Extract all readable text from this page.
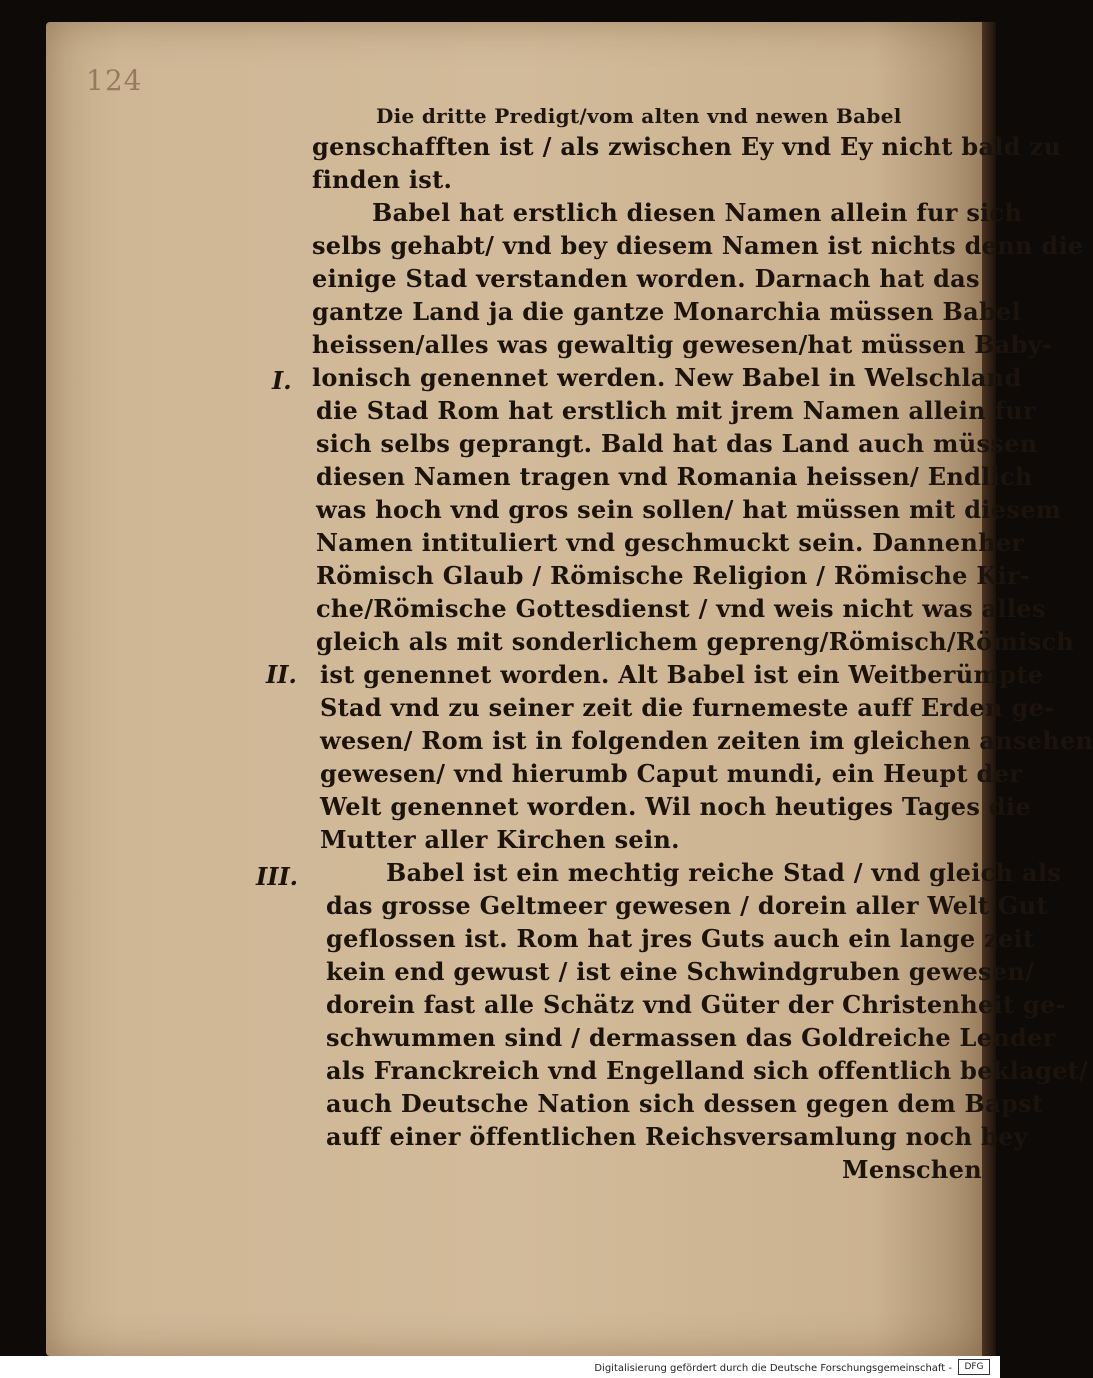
124
Die dritte Predigt/vom alten vnd newen Babel
genschafften ist / als zwischen Ey vnd Ey nicht bald zu
finden ist.
Babel hat erstlich diesen Namen allein fur sich
selbs gehabt/ vnd bey diesem Namen ist nichts denn die
einige Stad verstanden worden. Darnach hat das
gantze Land ja die gantze Monarchia müssen Babel
heissen/alles was gewaltig gewesen/hat müssen Baby-
lonisch genennet werden. New Babel in Welschland
die Stad Rom hat erstlich mit jrem Namen allein fur
sich selbs geprangt. Bald hat das Land auch müssen
diesen Namen tragen vnd Romania heissen/ Endlich
was hoch vnd gros sein sollen/ hat müssen mit diesem
Namen intituliert vnd geschmuckt sein. Dannenher
Römisch Glaub / Römische Religion / Römische Kir-
che/Römische Gottesdienst / vnd weis nicht was alles
gleich als mit sonderlichem gepreng/Römisch/Römisch
ist genennet worden. Alt Babel ist ein Weitberümpte
Stad vnd zu seiner zeit die furnemeste auff Erden ge-
wesen/ Rom ist in folgenden zeiten im gleichen ansehen
gewesen/ vnd hierumb Caput mundi, ein Heupt der
Welt genennet worden. Wil noch heutiges Tages die
Mutter aller Kirchen sein.
Babel ist ein mechtig reiche Stad / vnd gleich als
das grosse Geltmeer gewesen / dorein aller Welt Gut
geflossen ist. Rom hat jres Guts auch ein lange zeit
kein end gewust / ist eine Schwindgruben gewesen/
dorein fast alle Schätz vnd Güter der Christenheit ge-
schwummen sind / dermassen das Goldreiche Lender
als Franckreich vnd Engelland sich offentlich beklaget/
auch Deutsche Nation sich dessen gegen dem Bapst
auff einer öffentlichen Reichsversamlung noch bey
Menschen
I.
II.
III.
Digitalisierung gefördert durch die Deutsche Forschungsgemeinschaft -	DFG
